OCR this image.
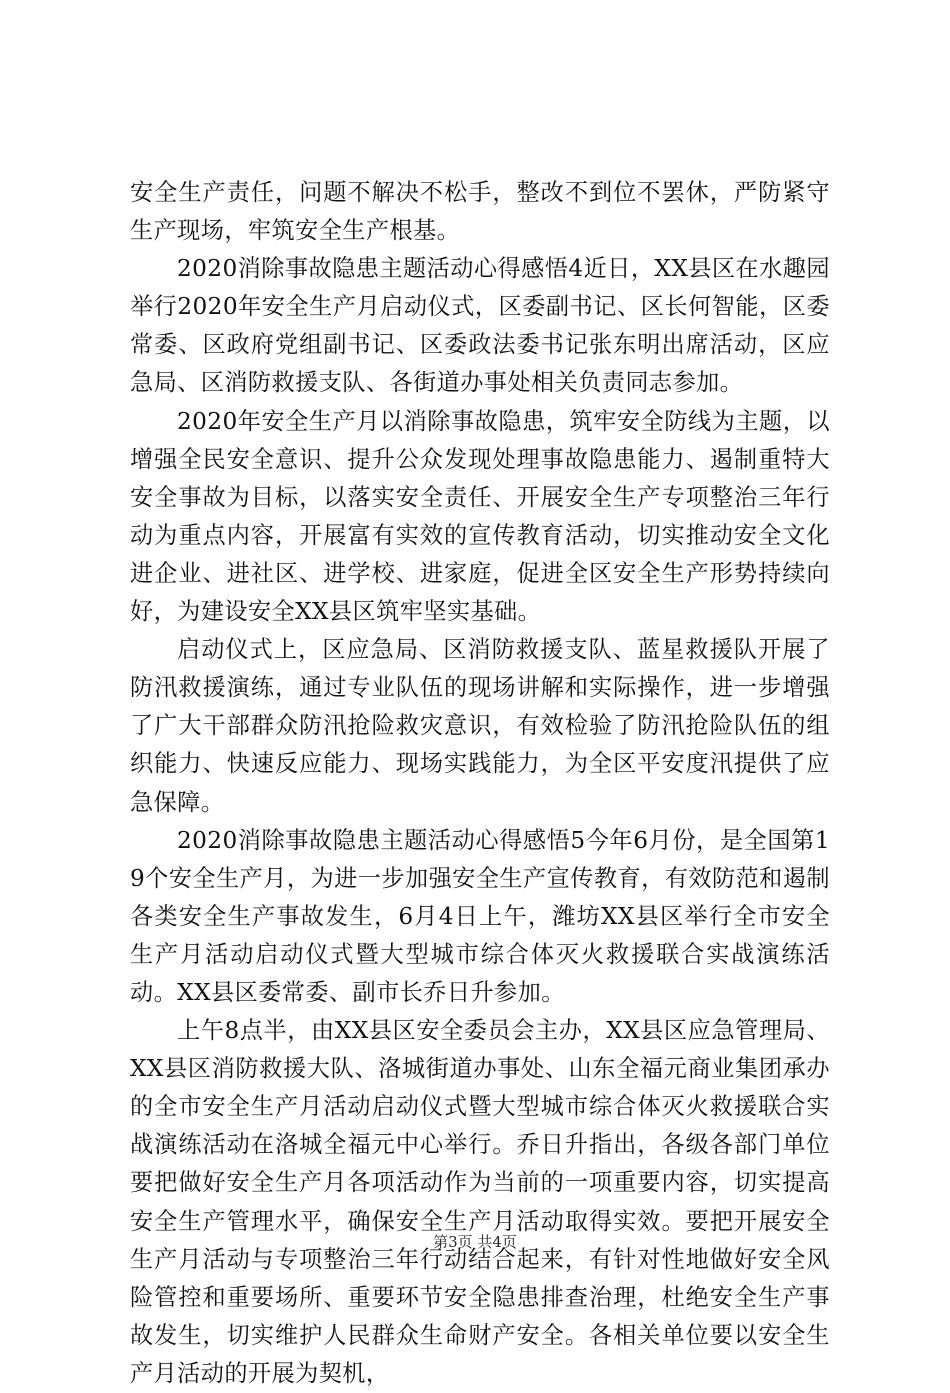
安全生产责任，问题不解决不松手，整改不到位不罢休，严防紧守生产现场，牢筑安全生产根基。

2020消除事故隐患主题活动心得感悟4近日，XX县区在水趣园举行2020年安全生产月启动仪式，区委副书记、区长何智能，区委常委、区政府党组副书记、区委政法委书记张东明出席活动，区应急局、区消防救援支队、各街道办事处相关负责同志参加。

2020年安全生产月以消除事故隐患，筑牢安全防线为主题，以增强全民安全意识、提升公众发现处理事故隐患能力、遏制重特大安全事故为目标，以落实安全责任、开展安全生产专项整治三年行动为重点内容，开展富有实效的宣传教育活动，切实推动安全文化进企业、进社区、进学校、进家庭，促进全区安全生产形势持续向好，为建设安全XX县区筑牢坚实基础。

启动仪式上，区应急局、区消防救援支队、蓝星救援队开展了防汛救援演练，通过专业队伍的现场讲解和实际操作，进一步增强了广大干部群众防汛抢险救灾意识，有效检验了防汛抢险队伍的组织能力、快速反应能力、现场实践能力，为全区平安度汛提供了应急保障。

2020消除事故隐患主题活动心得感悟5今年6月份，是全国第19个安全生产月，为进一步加强安全生产宣传教育，有效防范和遏制各类安全生产事故发生，6月4日上午，潍坊XX县区举行全市安全生产月活动启动仪式暨大型城市综合体灭火救援联合实战演练活动。XX县区委常委、副市长乔日升参加。

上午8点半，由XX县区安全委员会主办，XX县区应急管理局、XX县区消防救援大队、洛城街道办事处、山东全福元商业集团承办的全市安全生产月活动启动仪式暨大型城市综合体灭火救援联合实战演练活动在洛城全福元中心举行。乔日升指出，各级各部门单位要把做好安全生产月各项活动作为当前的一项重要内容，切实提高安全生产管理水平，确保安全生产月活动取得实效。要把开展安全生产月活动与专项整治三年行动结合起来，有针对性地做好安全风险管控和重要场所、重要环节安全隐患排查治理，杜绝安全生产事故发生，切实维护人民群众生命财产安全。各相关单位要以安全生产月活动的开展为契机，

第3页 共4页
